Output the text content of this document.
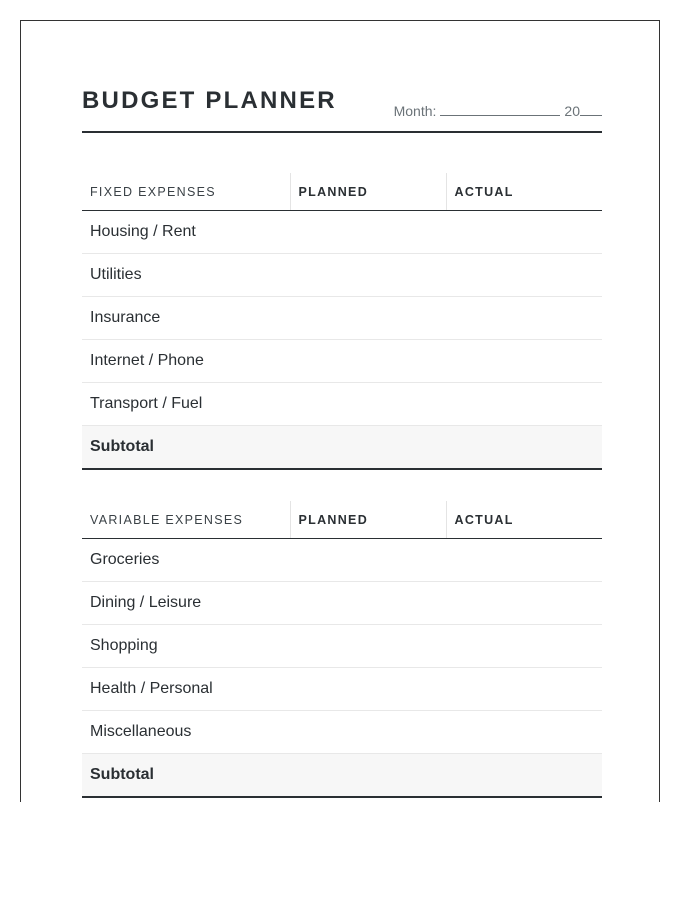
BUDGET PLANNER	Month:	20
FIXED EXPENSES	PLANNED	ACTUAL
Housing / Rent		
Utilities		
Insurance		
Internet / Phone		
Transport / Fuel		
Subtotal		
VARIABLE EXPENSES	PLANNED	ACTUAL
Groceries		
Dining / Leisure		
Shopping		
Health / Personal		
Miscellaneous		
Subtotal		
